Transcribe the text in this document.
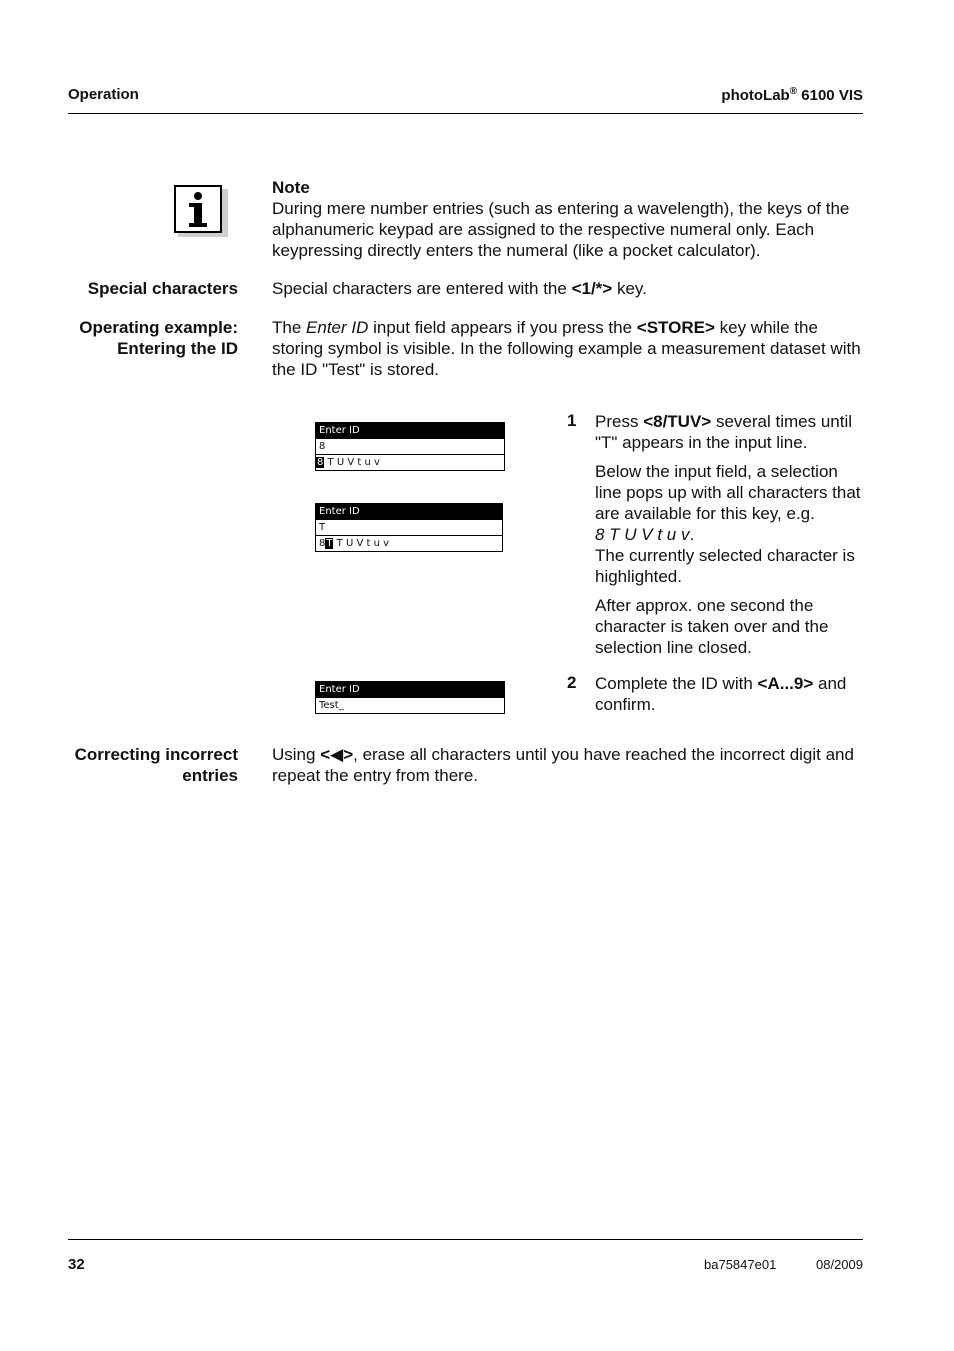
Operation	photoLab® 6100 VIS
Note
During mere number entries (such as entering a wavelength), the keys of the alphanumeric keypad are assigned to the respective numeral only. Each keypressing directly enters the numeral (like a pocket calculator).
Special characters Special characters are entered with the <1/*> key.
Operating example:
Entering the ID
The Enter ID input field appears if you press the <STORE> key while the storing symbol is visible. In the following example a measurement dataset with the ID "Test" is stored.
Enter ID
8
8 T U V t u v
Enter ID
T
8T T U V t u v
Enter ID
Test_
1 Press <8/TUV> several times until "T" appears in the input line.

Below the input field, a selection line pops up with all characters that are available for this key, e.g.
8 T U V t u v.
The currently selected character is highlighted.

After approx. one second the character is taken over and the selection line closed.

2 Complete the ID with <A...9> and confirm.

Correcting incorrect
entries
Using <◀>, erase all characters until you have reached the incorrect digit and repeat the entry from there.
32	ba75847e01	08/2009
